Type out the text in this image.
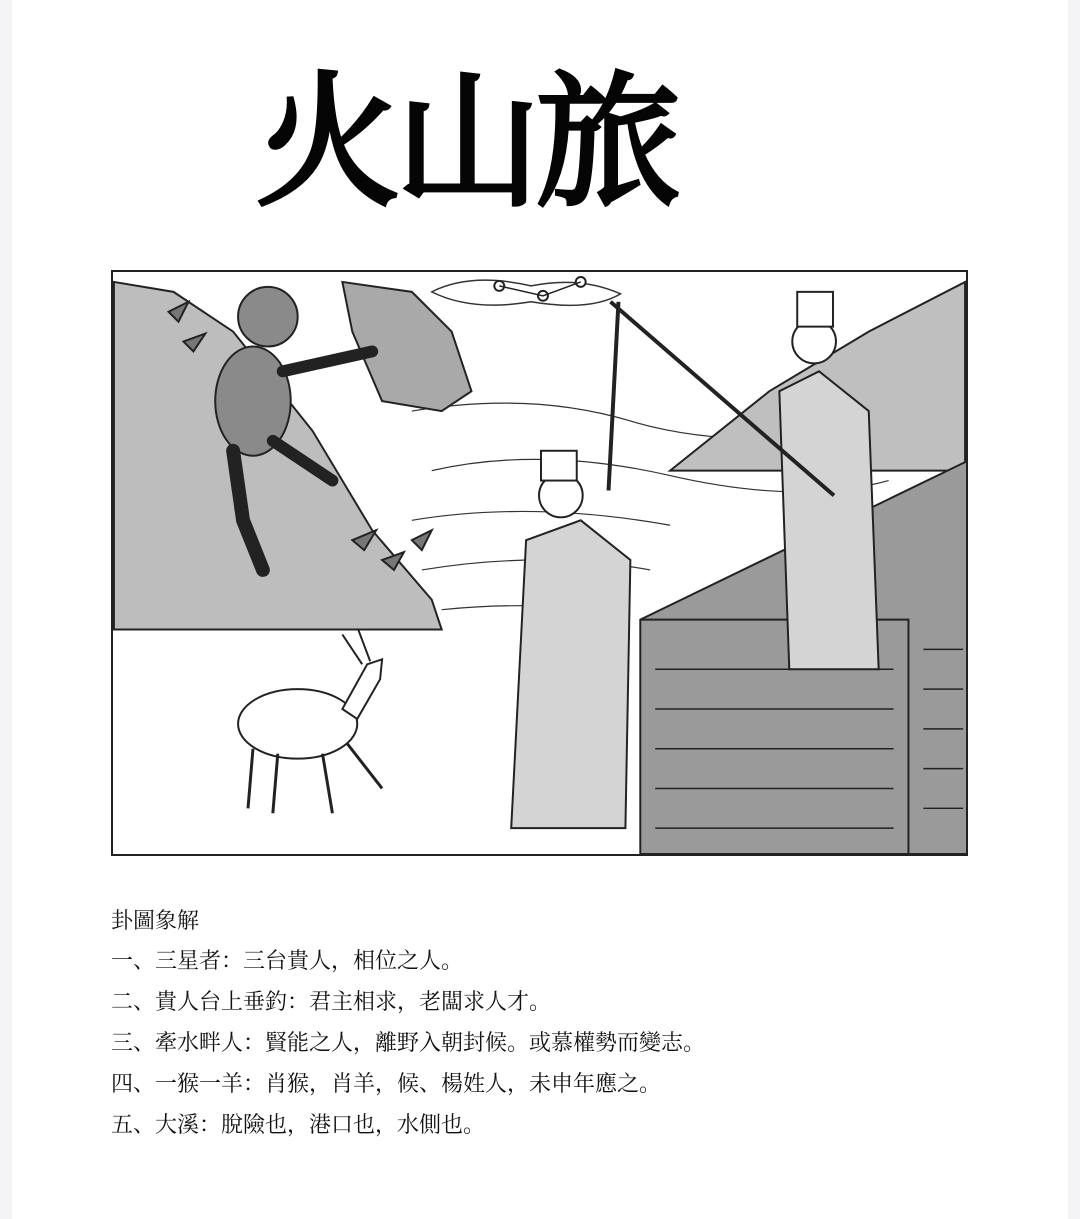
火山旅
卦圖象解
一、三星者：三台貴人，相位之人。
二、貴人台上垂釣：君主相求，老闆求人才。
三、牽水畔人：賢能之人，離野入朝封候。或慕權勢而變志。
四、一猴一羊：肖猴，肖羊，候、楊姓人，未申年應之。
五、大溪：脫險也，港口也，水側也。
